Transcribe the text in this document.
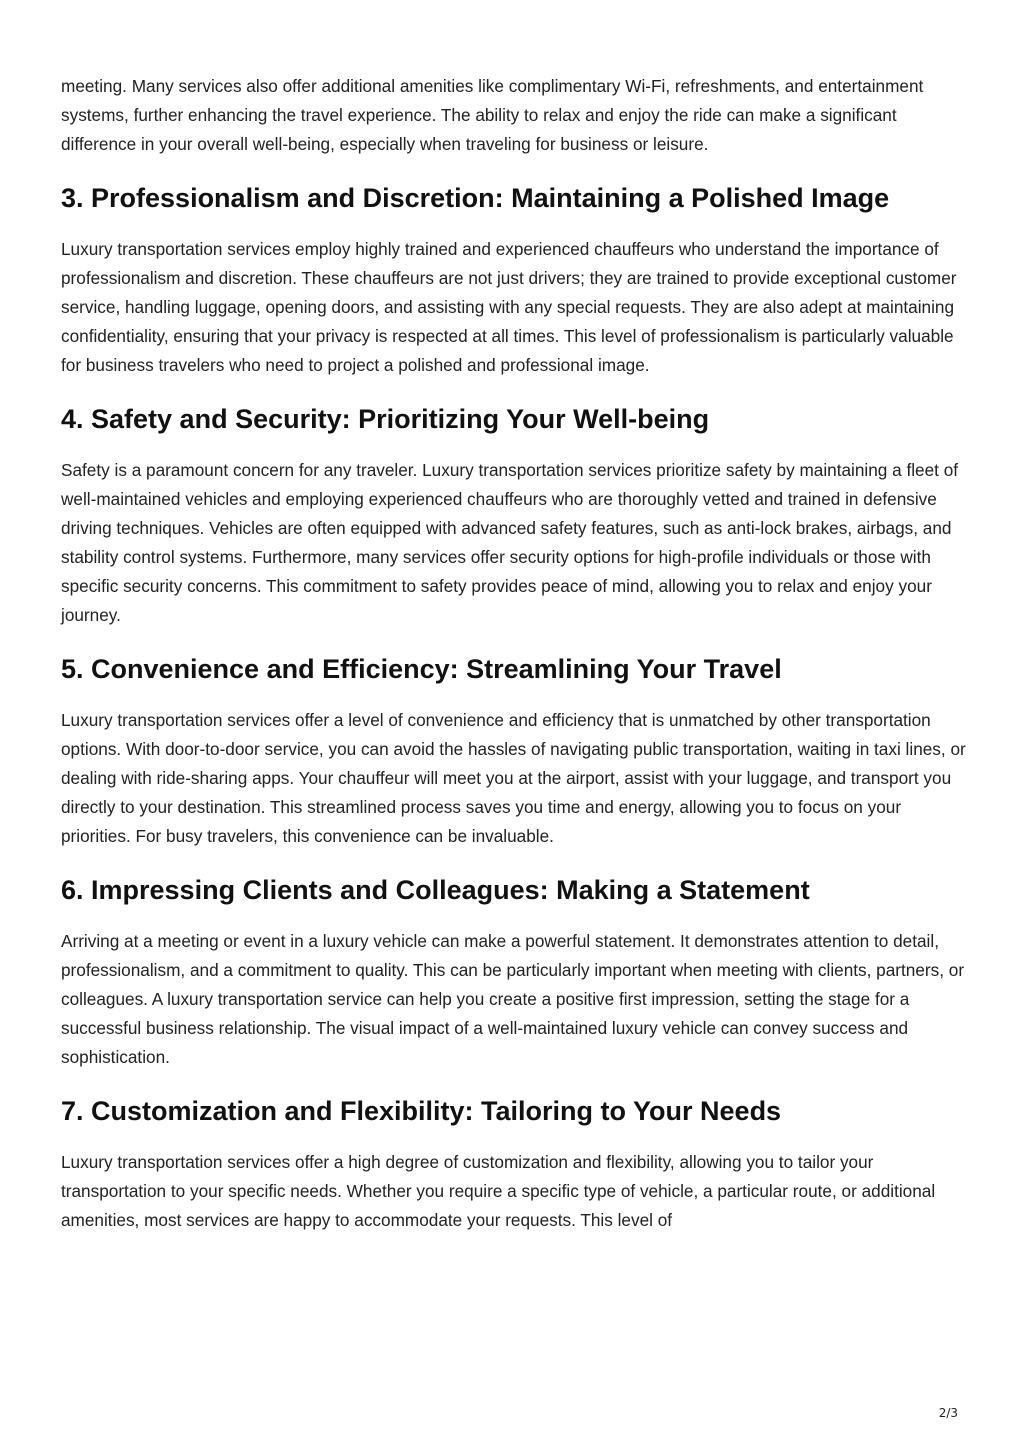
meeting. Many services also offer additional amenities like complimentary Wi-Fi, refreshments, and entertainment systems, further enhancing the travel experience. The ability to relax and enjoy the ride can make a significant difference in your overall well-being, especially when traveling for business or leisure.

3. Professionalism and Discretion: Maintaining a Polished Image

Luxury transportation services employ highly trained and experienced chauffeurs who understand the importance of professionalism and discretion. These chauffeurs are not just drivers; they are trained to provide exceptional customer service, handling luggage, opening doors, and assisting with any special requests. They are also adept at maintaining confidentiality, ensuring that your privacy is respected at all times. This level of professionalism is particularly valuable for business travelers who need to project a polished and professional image.

4. Safety and Security: Prioritizing Your Well-being

Safety is a paramount concern for any traveler. Luxury transportation services prioritize safety by maintaining a fleet of well-maintained vehicles and employing experienced chauffeurs who are thoroughly vetted and trained in defensive driving techniques. Vehicles are often equipped with advanced safety features, such as anti-lock brakes, airbags, and stability control systems. Furthermore, many services offer security options for high-profile individuals or those with specific security concerns. This commitment to safety provides peace of mind, allowing you to relax and enjoy your journey.

5. Convenience and Efficiency: Streamlining Your Travel

Luxury transportation services offer a level of convenience and efficiency that is unmatched by other transportation options. With door-to-door service, you can avoid the hassles of navigating public transportation, waiting in taxi lines, or dealing with ride-sharing apps. Your chauffeur will meet you at the airport, assist with your luggage, and transport you directly to your destination. This streamlined process saves you time and energy, allowing you to focus on your priorities. For busy travelers, this convenience can be invaluable.

6. Impressing Clients and Colleagues: Making a Statement

Arriving at a meeting or event in a luxury vehicle can make a powerful statement. It demonstrates attention to detail, professionalism, and a commitment to quality. This can be particularly important when meeting with clients, partners, or colleagues. A luxury transportation service can help you create a positive first impression, setting the stage for a successful business relationship. The visual impact of a well-maintained luxury vehicle can convey success and sophistication.

7. Customization and Flexibility: Tailoring to Your Needs

Luxury transportation services offer a high degree of customization and flexibility, allowing you to tailor your transportation to your specific needs. Whether you require a specific type of vehicle, a particular route, or additional amenities, most services are happy to accommodate your requests. This level of

2/3
